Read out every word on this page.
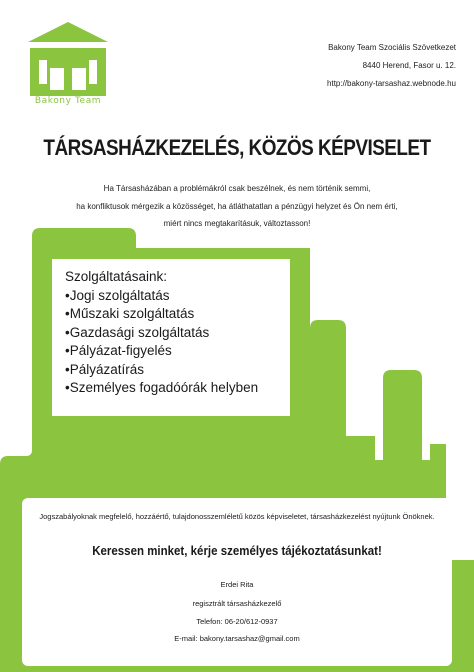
Bakony Team
Bakony Team Szociális Szövetkezet
8440 Herend, Fasor u. 12.
http://bakony-tarsashaz.webnode.hu
TÁRSASHÁZKEZELÉS, KÖZÖS KÉPVISELET
Ha Társasházában a problémákról csak beszélnek, és nem történik semmi,
ha konfliktusok mérgezik a közösséget, ha átláthatatlan a pénzügyi helyzet és Ön nem érti,
miért nincs megtakarításuk, változtasson!
Szolgáltatásaink:
•Jogi szolgáltatás
•Műszaki szolgáltatás
•Gazdasági szolgáltatás
•Pályázat-figyelés
•Pályázatírás
•Személyes fogadóórák helyben
Jogszabályoknak megfelelő, hozzáértő, tulajdonosszemléletű közös képviseletet, társasházkezelést nyújtunk Önöknek.
Keressen minket, kérje személyes tájékoztatásunkat!
Erdei Rita
regisztrált társasházkezelő
Telefon: 06-20/612-0937
E-mail: bakony.tarsashaz@gmail.com
